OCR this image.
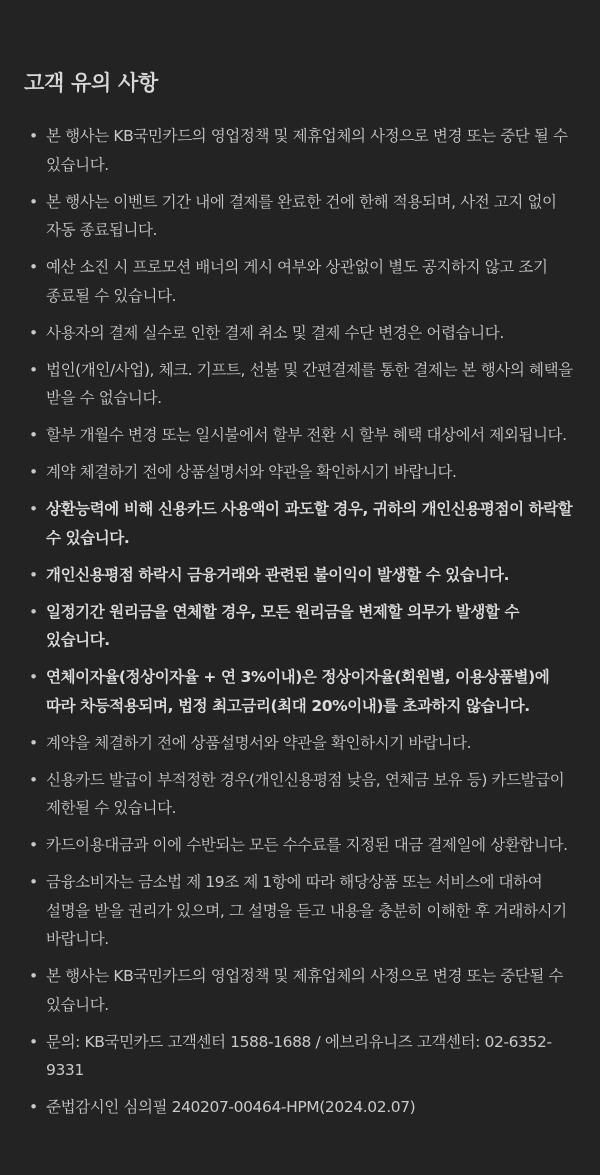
고객 유의 사항
• 본 행사는 KB국민카드의 영업정책 및 제휴업체의 사정으로 변경 또는 중단 될 수 있습니다.
• 본 행사는 이벤트 기간 내에 결제를 완료한 건에 한해 적용되며, 사전 고지 없이 자동 종료됩니다.
• 예산 소진 시 프로모션 배너의 게시 여부와 상관없이 별도 공지하지 않고 조기 종료될 수 있습니다.
• 사용자의 결제 실수로 인한 결제 취소 및 결제 수단 변경은 어렵습니다.
• 법인(개인/사업), 체크. 기프트, 선불 및 간편결제를 통한 결제는 본 행사의 혜택을 받을 수 없습니다.
• 할부 개월수 변경 또는 일시불에서 할부 전환 시 할부 혜택 대상에서 제외됩니다.
• 계약 체결하기 전에 상품설명서와 약관을 확인하시기 바랍니다.
• 상환능력에 비해 신용카드 사용액이 과도할 경우, 귀하의 개인신용평점이 하락할 수 있습니다.
• 개인신용평점 하락시 금융거래와 관련된 불이익이 발생할 수 있습니다.
• 일정기간 원리금을 연체할 경우, 모든 원리금을 변제할 의무가 발생할 수 있습니다.
• 연체이자율(정상이자율 + 연 3%이내)은 정상이자율(회원별, 이용상품별)에 따라 차등적용되며, 법정 최고금리(최대 20%이내)를 초과하지 않습니다.
• 계약을 체결하기 전에 상품설명서와 약관을 확인하시기 바랍니다.
• 신용카드 발급이 부적정한 경우(개인신용평점 낮음, 연체금 보유 등) 카드발급이 제한될 수 있습니다.
• 카드이용대금과 이에 수반되는 모든 수수료를 지정된 대금 결제일에 상환합니다.
• 금융소비자는 금소법 제 19조 제 1항에 따라 해당상품 또는 서비스에 대하여 설명을 받을 권리가 있으며, 그 설명을 듣고 내용을 충분히 이해한 후 거래하시기 바랍니다.
• 본 행사는 KB국민카드의 영업정책 및 제휴업체의 사정으로 변경 또는 중단될 수 있습니다.
• 문의: KB국민카드 고객센터 1588-1688 / 에브리유니즈 고객센터: 02-6352-9331
• 준법감시인 심의필 240207-00464-HPM(2024.02.07)
